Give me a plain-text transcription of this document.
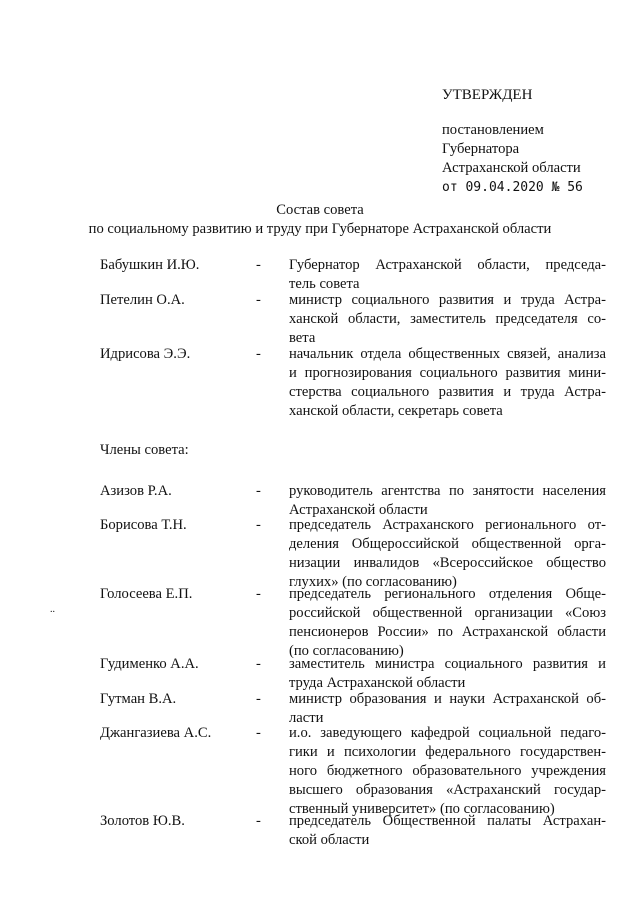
УТВЕРЖДЕН
постановлением
Губернатора
Астраханской области
от 09.04.2020 № 56
Состав совета
по социальному развитию и труду при Губернаторе Астраханской области
Бабушкин И.Ю.	- Губернатор Астраханской области, председа-
тель совета
Петелин О.А.	- министр социального развития и труда Астра-
ханской области, заместитель председателя со-
вета
Идрисова Э.Э.	- начальник отдела общественных связей, анализа
и прогнозирования социального развития мини-
стерства социального развития и труда Астра-
ханской области, секретарь совета
Члены совета:
Азизов Р.А.	- руководитель агентства по занятости населения
Астраханской области
Борисова Т.Н.	- председатель Астраханского регионального от-
деления Общероссийской общественной орга-
низации инвалидов «Всероссийское общество
глухих» (по согласованию)
Голосеева Е.П.	- председатель регионального отделения Обще-
российской общественной организации «Союз
пенсионеров России» по Астраханской области
(по согласованию)
Гудименко А.А.	- заместитель министра социального развития и
труда Астраханской области
Гутман В.А.	- министр образования и науки Астраханской об-
ласти
Джангазиева А.С.	- и.о. заведующего кафедрой социальной педаго-
гики и психологии федерального государствен-
ного бюджетного образовательного учреждения
высшего образования «Астраханский государ-
ственный университет» (по согласованию)
Золотов Ю.В.	- председатель Общественной палаты Астрахан-
ской области
..
